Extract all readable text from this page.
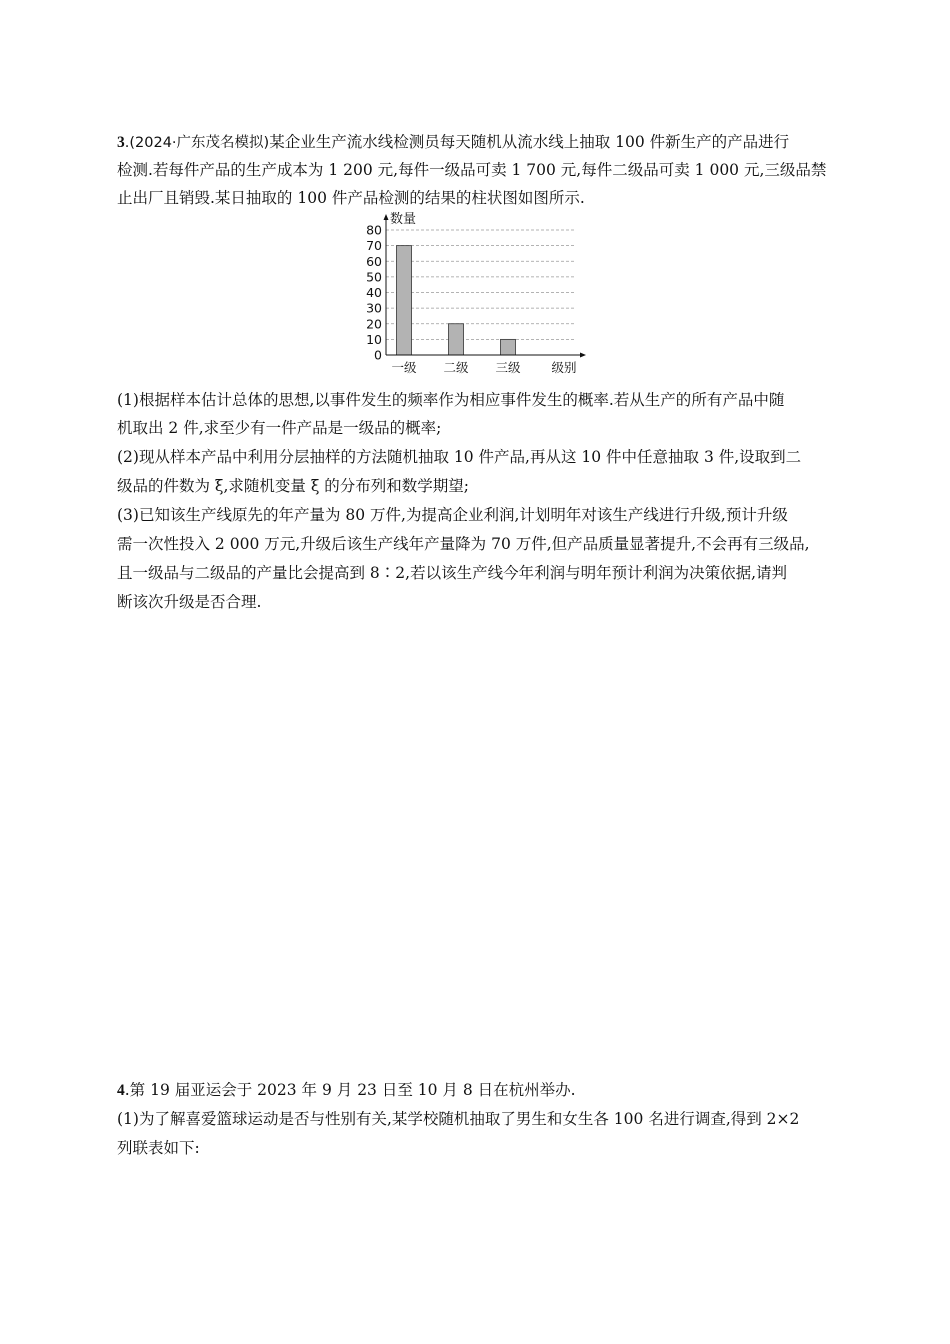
3.(2024·广东茂名模拟)某企业生产流水线检测员每天随机从流水线上抽取 100 件新生产的产品进行
检测.若每件产品的生产成本为 1 200 元,每件一级品可卖 1 700 元,每件二级品可卖 1 000 元,三级品禁
止出厂且销毁.某日抽取的 100 件产品检测的结果的柱状图如图所示.
0
10
20
30
40
50
60
70
80
一级 二级 三级
数量
级别
(1)根据样本估计总体的思想,以事件发生的频率作为相应事件发生的概率.若从生产的所有产品中随
机取出 2 件,求至少有一件产品是一级品的概率;
(2)现从样本产品中利用分层抽样的方法随机抽取 10 件产品,再从这 10 件中任意抽取 3 件,设取到二
级品的件数为 ξ,求随机变量 ξ 的分布列和数学期望;
(3)已知该生产线原先的年产量为 80 万件,为提高企业利润,计划明年对该生产线进行升级,预计升级
需一次性投入 2 000 万元,升级后该生产线年产量降为 70 万件,但产品质量显著提升,不会再有三级品,
且一级品与二级品的产量比会提高到 8∶2,若以该生产线今年利润与明年预计利润为决策依据,请判
断该次升级是否合理.
4.第 19 届亚运会于 2023 年 9 月 23 日至 10 月 8 日在杭州举办.
(1)为了解喜爱篮球运动是否与性别有关,某学校随机抽取了男生和女生各 100 名进行调查,得到 2×2
列联表如下:
